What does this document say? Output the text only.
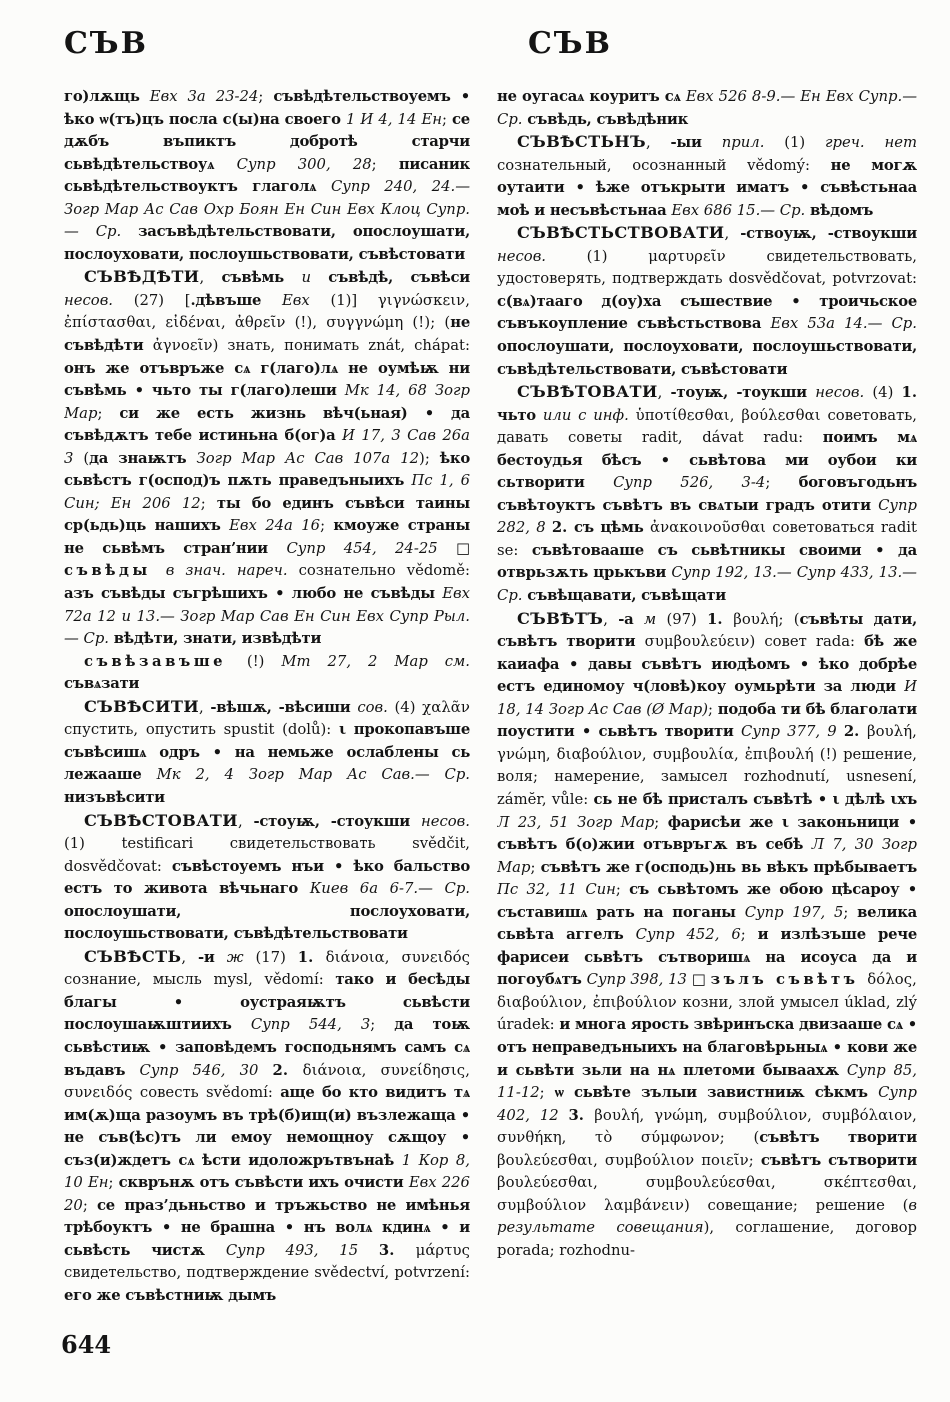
СЪВ	СЪВ

го)лѫщь Евх 3а 23-24; съвѣдѣтельствоуемъ • ѣко ѡ(тъ)цъ посла с(ы)на своего 1 И 4, 14 Ен; се дѫбъ въпиктъ добротѣ старчи сьвѣдѣтельствоуѧ Супр 300, 28; писаник сьвѣдѣтельствоуктъ глаголѧ Супр 240, 24.— Зогр Мар Ас Сав Охр Боян Ен Син Евх Клоц Супр.— Ср. засъвѣдѣтельствовати, опослоушати, послоуховати, послоушьствовати, съвѣстовати

СЪВѢДѢТИ, съвѣмь и съвѣдѣ, съвѣси несов. (27) [.дѣвъше Евх (1)] γιγνώσκειν, ἐπίστασθαι, εἰδέναι, ἀθρεῖν (!), συγγνώμη (!); (не съвѣдѣти ἀγνοεῖν) знать, понимать znát, chápat: онъ же отъвръже сѧ г(лаго)лѧ не оумѣѭ ни съвѣмь • чьто ты г(лаго)леши Мк 14, 68 Зогр Мар; си же есть жизнь вѣч(ьная) • да съвѣдѫтъ тебе истиньна б(ог)а И 17, 3 Сав 26а 3 (да знаѭтъ Зогр Мар Ас Сав 107а 12); ѣко сьвѣстъ г(оспод)ъ пѫть праведъныихъ Пс 1, 6 Син; Ен 206 12; ты бо единъ съвѣси таины ср(ьдь)ць нашихъ Евх 24а 16; кмоуже страны не сьвѣмъ стран’нии Супр 454, 24-25 □ съвѣды в знач. нареч. сознательно vědomě: азъ съвѣды съгрѣшихъ • любо не съвѣды Евх 72а 12 и 13.— Зогр Мар Сав Ен Син Евх Супр Рыл.— Ср. вѣдѣти, знати, извѣдѣти

съвѣзавъше (!) Мт 27, 2 Мар см. съвѧзати

СЪВѢСИТИ, -вѣшѫ, -вѣсиши сов. (4) χαλᾶν спустить, опустить spustit (dolů): ι прокопавъше съвѣсишѧ одръ • на немьже ослаблены сь лежааше Мк 2, 4 Зогр Мар Ас Сав.— Ср. низъвѣсити

СЪВѢСТОВАТИ, -стоуѭ, -стоукши несов. (1) testificari свидетельствовать svědčit, dosvědčovat: съвѣстоуемъ нъи • ѣко бальство естъ то живота вѣчьнаго Киев 6а 6-7.— Ср. опослоушати, послоуховати, послоушьствовати, съвѣдѣтельствовати

СЪВѢСТЬ, -и ж (17) 1. διάνοια, συνειδός сознание, мысль mysl, vědomí: тако и бесѣды благы • оустраяѭтъ сьвѣсти послоушаѭштиихъ Супр 544, 3; да тоѭ сьвѣстиѭ • заповѣдемъ господьнямъ самъ сѧ въдавъ Супр 546, 30 2. διάνοια, συνείδησις, συνειδός совесть svědomí: аще бо кто видитъ тѧ им(ѫ)ща разоумъ въ трѣ(б)ищ(и) възлежаща • не съв(ѣс)тъ ли емоу немощноу сѫщоу • съз(и)ждетъ сѧ ѣсти идоложрътвънаѣ 1 Кор 8, 10 Ен; скврънѫ отъ съвѣсти ихъ очисти Евх 226 20; се праз’дьньство и тръжьство не имѣнья трѣбоуктъ • не брашна • нъ волѧ кдинѧ • и сьвѣсть чистѫ Супр 493, 15 3. μάρτυς свидетельство, подтверждение svědectví, potvrzení: его же съвѣстниѭ дымъ

не оугасаѧ коуритъ сѧ Евх 526 8-9.— Ен Евх Супр.— Ср. съвѣдь, съвѣдѣник

СЪВѢСТЬНЪ, -ыи прил. (1) греч. нет сознательный, осознанный vědomý: не могѫ оутаити • ѣже отъкрыти иматъ • съвѣстьнаа моѣ и несъвѣстьнаа Евх 686 15.— Ср. вѣдомъ

СЪВѢСТЬСТВОВАТИ, -ствоуѭ, -ствоукши несов. (1) μαρτυρεῖν свидетельствовать, удостоверять, подтверждать dosvědčovat, potvrzovat: с(вѧ)тааго д(оу)ха съшествие • троичьское съвъкоупление съвѣстьствова Евх 53а 14.— Ср. опослоушати, послоуховати, послоушьствовати, съвѣдѣтельствовати, съвѣстовати

СЪВѢТОВАТИ, -тоуѭ, -тоукши несов. (4) 1. чьто или с инф. ὑποτίθεσθαι, βούλεσθαι советовать, давать советы radit, dávat radu: поимъ мѧ бестоудья бѣсъ • сьвѣтова ми оубои ки сьтворити Супр 526, 3-4; боговъгодьнъ съвѣтоуктъ съвѣтъ въ свѧтыи градъ отити Супр 282, 8 2. съ цѣмь ἀνακοινοῦσθαι советоваться radit se: съвѣтовааше съ сьвѣтникы своими • да отврьзѫть црькъви Супр 192, 13.— Супр 433, 13.— Ср. съвѣщавати, съвѣщати

СЪВѢТЪ, -а м (97) 1. βουλή; (съвѣты дати, съвѣтъ творити συμβουλεύειν) совет rada: бѣ же каиафа • давы съвѣтъ июдѣомъ • ѣко добрѣе естъ единомоу ч(ловѣ)коу оумьрѣти за люди И 18, 14 Зогр Ас Сав (Ø Мар); подоба ти бѣ благолати поустити • сьвѣтъ творити Супр 377, 9 2. βουλή, γνώμη, διαβούλιον, συμβουλία, ἐπιβουλή (!) решение, воля; намерение, замысел rozhodnutí, usnesení, zámĕr, vůle: сь не бѣ присталъ съвѣтѣ • ι дѣлѣ ιхъ Л 23, 51 Зогр Мар; фарисѣи же ι законьници • съвѣтъ б(о)жии отъвръгѫ въ себѣ Л 7, 30 Зогр Мар; съвѣтъ же г(осподь)нь вь вѣкъ прѣбываетъ Пс 32, 11 Син; съ сьвѣтомъ же обою цѣсароу • съставишѧ рать на поганы Супр 197, 5; велика сьвѣта аггелъ Супр 452, 6; и излѣзъше рече фарисеи сьвѣтъ сътворишѧ на исоуса да и погоубѧтъ Супр 398, 13 □ зълъ съвѣтъ δόλος, διαβούλιον, ἐπιβούλιον козни, злой умысел úklad, zlý úradek: и многа ярость звѣринъска двизааше сѧ • отъ неправедъныихъ на благовѣрьныѧ • кови же и сьвѣти зьли на нѧ плетоми бываахѫ Супр 85, 11-12; ѡ сьвѣте зълыи завистниѭ сѣкмъ Супр 402, 12 3. βουλή, γνώμη, συμβούλιον, συμβόλαιον, συνθήκη, τὸ σύμφωνον; (съвѣтъ творити βουλεύεσθαι, συμβούλιον ποιεῖν; съвѣтъ сътворити βουλεύεσθαι, συμβουλεύεσθαι, σκέπτεσθαι, συμβούλιον λαμβάνειν) совещание; решение (в результате совещания), соглашение, договор porada; rozhodnu-

644
